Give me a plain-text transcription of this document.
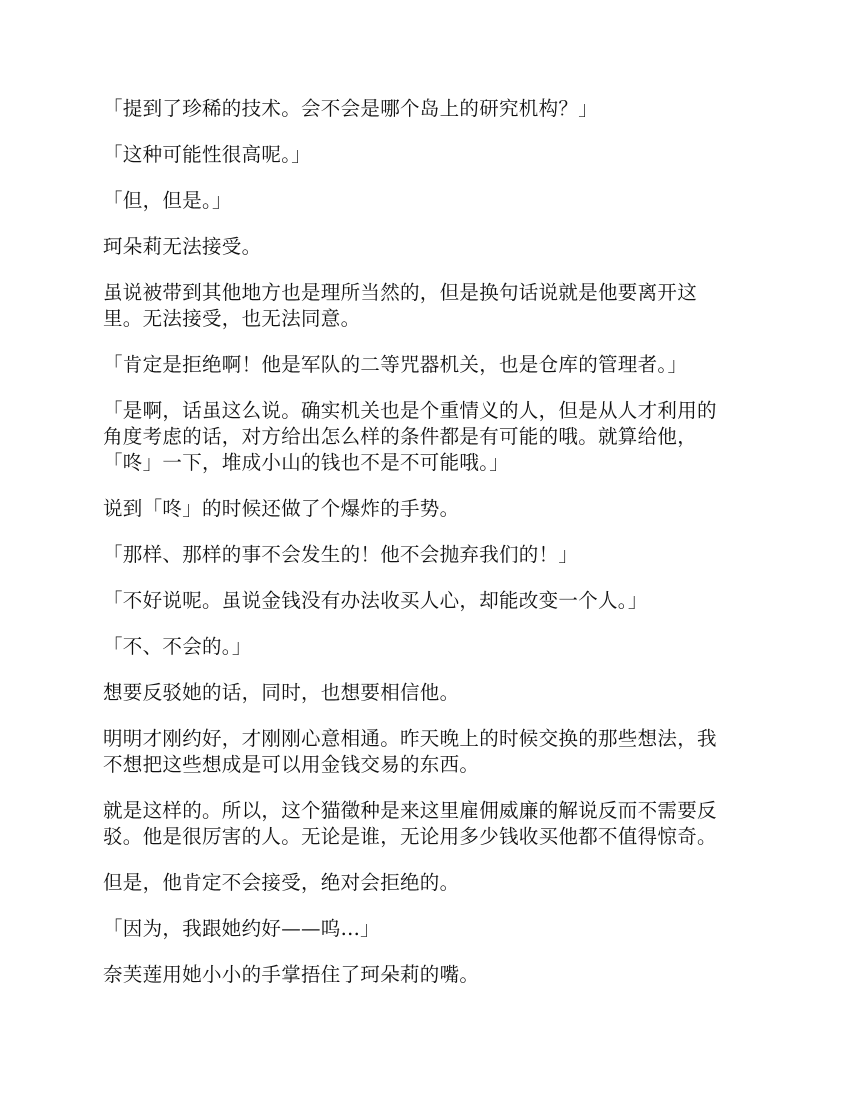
「提到了珍稀的技术。会不会是哪个岛上的研究机构？」

「这种可能性很高呢。」

「但，但是。」

珂朵莉无法接受。

虽说被带到其他地方也是理所当然的，但是换句话说就是他要离开这
里。无法接受，也无法同意。

「肯定是拒绝啊！他是军队的二等咒器机关，也是仓库的管理者。」

「是啊，话虽这么说。确实机关也是个重情义的人，但是从人才利用的
角度考虑的话，对方给出怎么样的条件都是有可能的哦。就算给他，
「咚」一下，堆成小山的钱也不是不可能哦。」

说到「咚」的时候还做了个爆炸的手势。

「那样、那样的事不会发生的！他不会抛弃我们的！」

「不好说呢。虽说金钱没有办法收买人心，却能改变一个人。」

「不、不会的。」

想要反驳她的话，同时，也想要相信他。

明明才刚约好，才刚刚心意相通。昨天晚上的时候交换的那些想法，我
不想把这些想成是可以用金钱交易的东西。

就是这样的。所以，这个猫徵种是来这里雇佣威廉的解说反而不需要反
驳。他是很厉害的人。无论是谁，无论用多少钱收买他都不值得惊奇。

但是，他肯定不会接受，绝对会拒绝的。

「因为，我跟她约好——呜...」

奈芙莲用她小小的手掌捂住了珂朵莉的嘴。
